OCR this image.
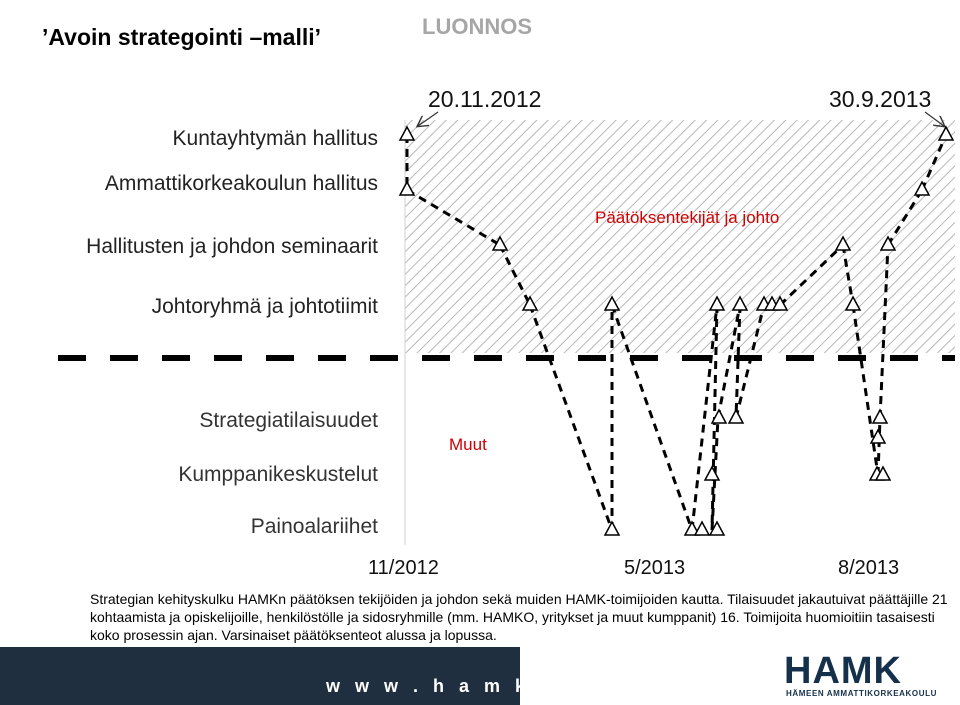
’Avoin strategointi –malli’	LUONNOS
Kuntayhtymän hallitus
Ammattikorkeakoulun hallitus
Hallitusten ja johdon seminaarit
Johtoryhmä ja johtotiimit
Strategiatilaisuudet
Kumppanikeskustelut
Painoalariihet
20.11.2012	30.9.2013
Päätöksentekijät ja johto
Muut
11/2012	5/2013	8/2013
Strategian kehityskulku HAMKn päätöksen tekijöiden ja johdon sekä muiden HAMK-toimijoiden kautta. Tilaisuudet jakautuivat päättäjille 21 kohtaamista ja opiskelijoille, henkilöstölle ja sidosryhmille (mm. HAMKO, yritykset ja muut kumppanit) 16. Toimijoita huomioitiin tasaisesti koko prosessin ajan. Varsinaiset päätöksenteot alussa ja lopussa.
w w w . h a m k . f i	HAMK
HÄMEEN AMMATTIKORKEAKOULU
